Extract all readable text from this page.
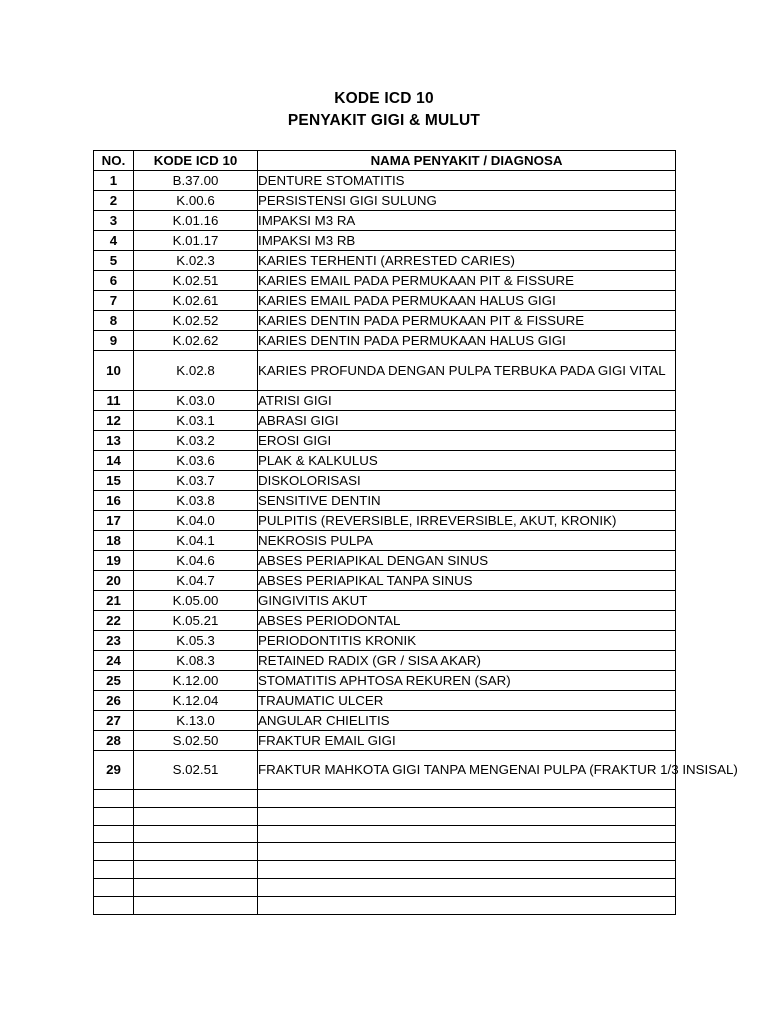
KODE ICD 10
PENYAKIT GIGI & MULUT
NO.	KODE ICD 10	NAMA PENYAKIT / DIAGNOSA
1	B.37.00	DENTURE STOMATITIS
2	K.00.6	PERSISTENSI GIGI SULUNG
3	K.01.16	IMPAKSI M3 RA
4	K.01.17	IMPAKSI M3 RB
5	K.02.3	KARIES TERHENTI (ARRESTED CARIES)
6	K.02.51	KARIES EMAIL PADA PERMUKAAN PIT & FISSURE
7	K.02.61	KARIES EMAIL PADA PERMUKAAN HALUS GIGI
8	K.02.52	KARIES DENTIN PADA PERMUKAAN PIT & FISSURE
9	K.02.62	KARIES DENTIN PADA PERMUKAAN HALUS GIGI
10	K.02.8	KARIES PROFUNDA DENGAN PULPA TERBUKA PADA GIGI VITAL
11	K.03.0	ATRISI GIGI
12	K.03.1	ABRASI GIGI
13	K.03.2	EROSI GIGI
14	K.03.6	PLAK & KALKULUS
15	K.03.7	DISKOLORISASI
16	K.03.8	SENSITIVE DENTIN
17	K.04.0	PULPITIS (REVERSIBLE, IRREVERSIBLE, AKUT, KRONIK)
18	K.04.1	NEKROSIS PULPA
19	K.04.6	ABSES PERIAPIKAL DENGAN SINUS
20	K.04.7	ABSES PERIAPIKAL TANPA SINUS
21	K.05.00	GINGIVITIS AKUT
22	K.05.21	ABSES PERIODONTAL
23	K.05.3	PERIODONTITIS KRONIK
24	K.08.3	RETAINED RADIX (GR / SISA AKAR)
25	K.12.00	STOMATITIS APHTOSA REKUREN (SAR)
26	K.12.04	TRAUMATIC ULCER
27	K.13.0	ANGULAR CHIELITIS
28	S.02.50	FRAKTUR EMAIL GIGI
29	S.02.51	FRAKTUR MAHKOTA GIGI TANPA MENGENAI PULPA (FRAKTUR 1/3 INSISAL)
